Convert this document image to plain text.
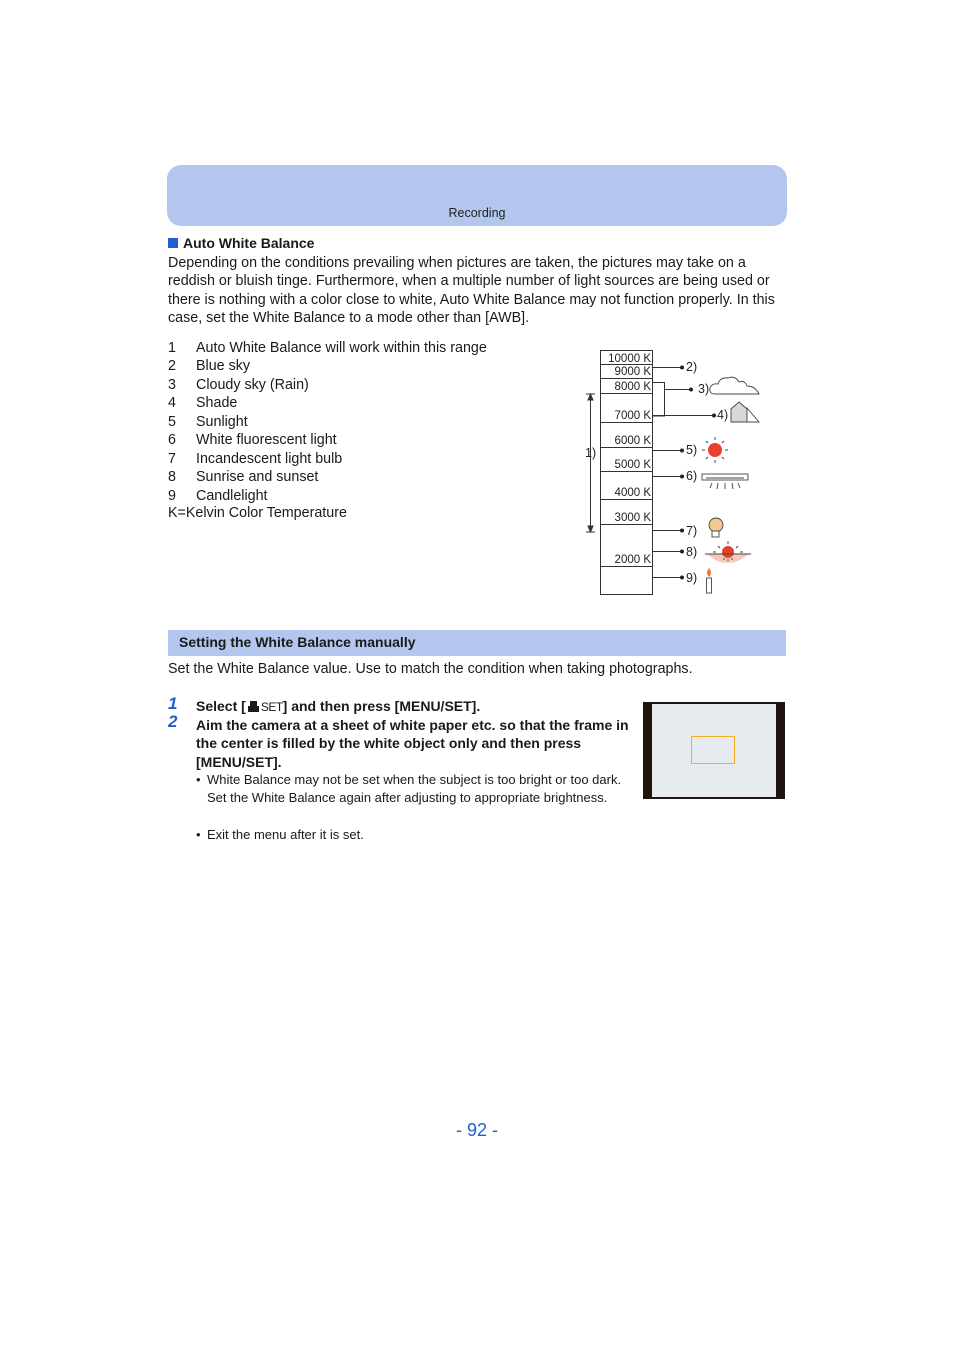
Recording
Auto White Balance
Depending on the conditions prevailing when pictures are taken, the pictures may take on a reddish or bluish tinge. Furthermore, when a multiple number of light sources are being used or there is nothing with a color close to white, Auto White Balance may not function properly. In this case, set the White Balance to a mode other than [AWB].
1 Auto White Balance will work within this range
2 Blue sky
3 Cloudy sky (Rain)
4 Shade
5 Sunlight
6 White fluorescent light
7 Incandescent light bulb
8 Sunrise and sunset
9 Candlelight
K=Kelvin Color Temperature
10000 K
9000 K
8000 K
7000 K
6000 K
5000 K
4000 K
3000 K
2000 K
1)
2)
3)
4)
5)
6)
7)
8)
9)
Setting the White Balance manually
Set the White Balance value. Use to match the condition when taking photographs.
1 Select [ SET] and then press [MENU/SET].
2 Aim the camera at a sheet of white paper etc. so that the frame in the center is filled by the white object only and then press [MENU/SET].
• White Balance may not be set when the subject is too bright or too dark. Set the White Balance again after adjusting to appropriate brightness.
• Exit the menu after it is set.
- 92 -
